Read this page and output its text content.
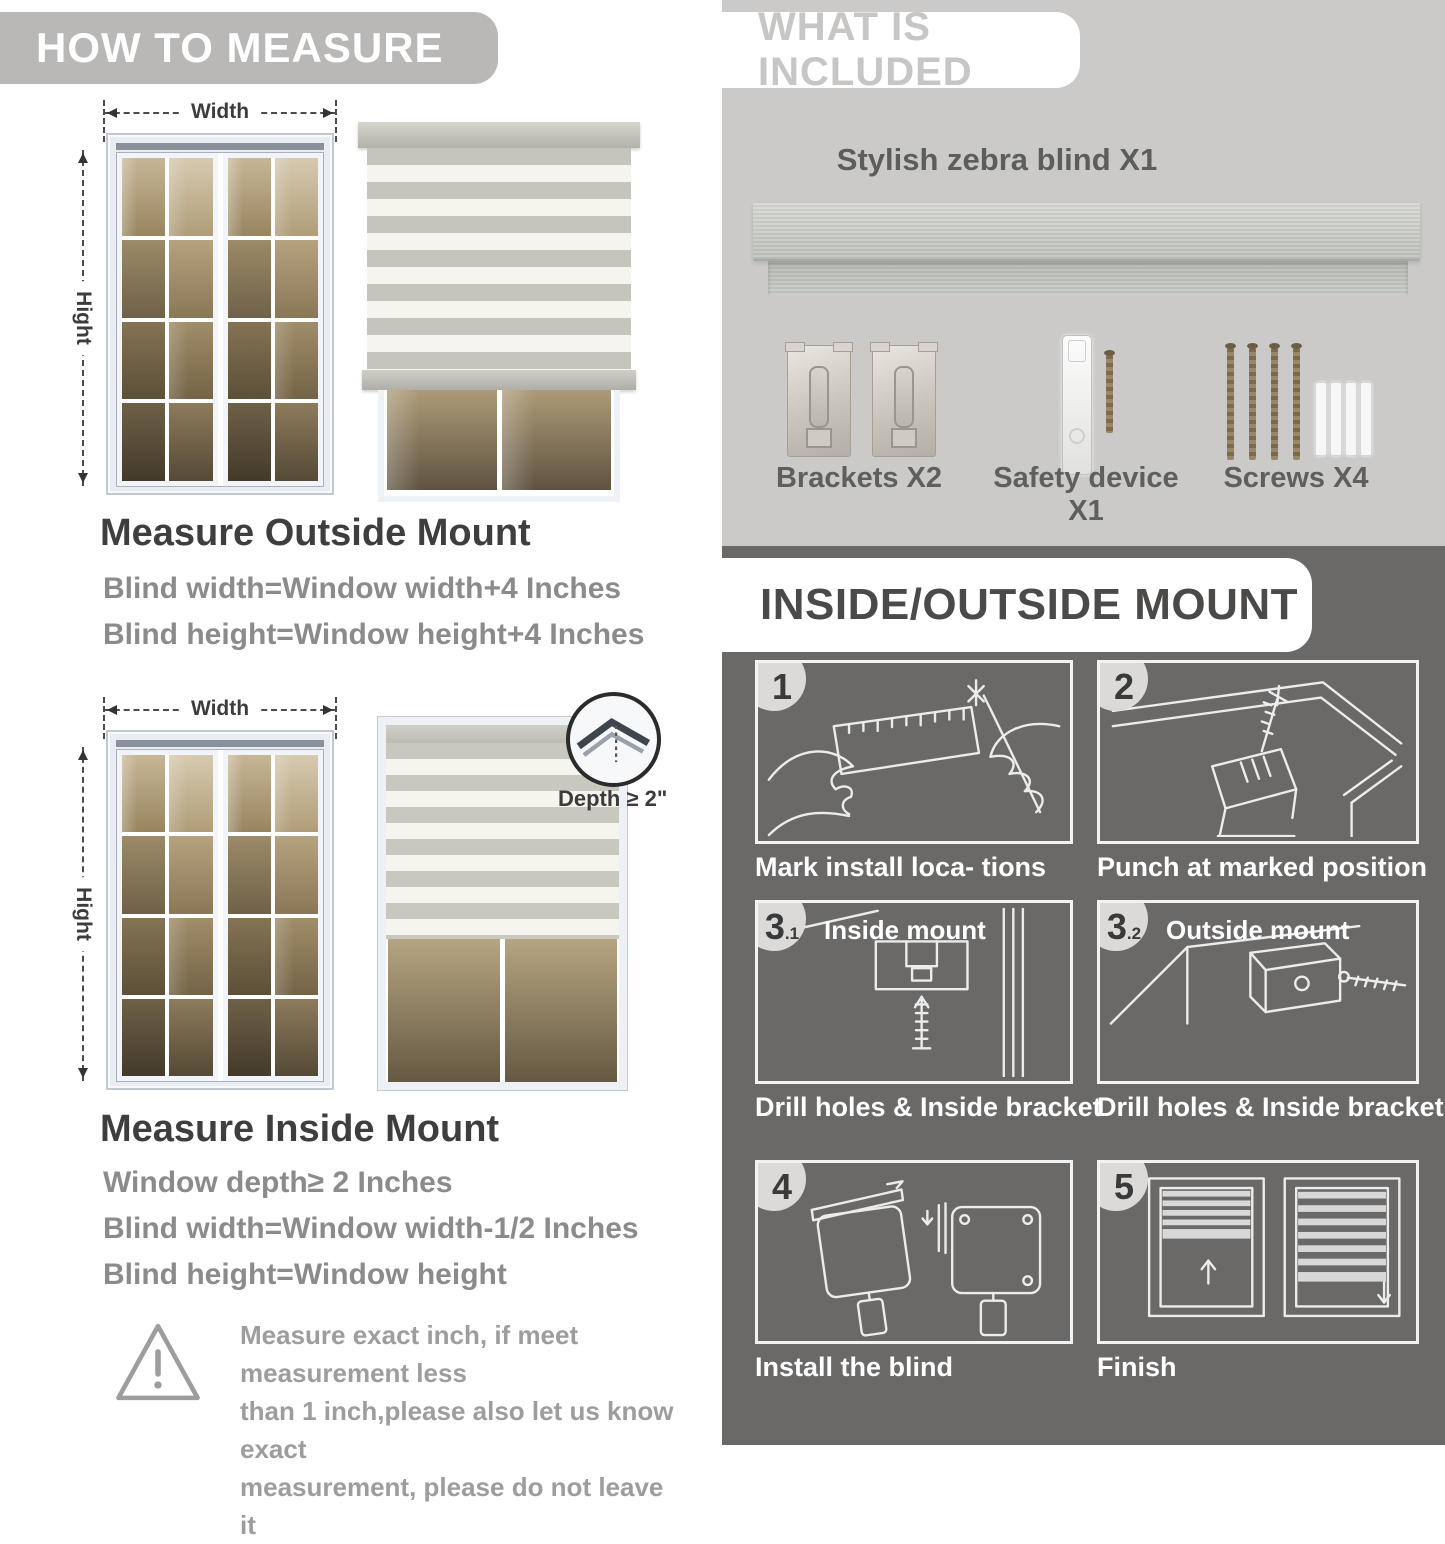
HOW TO MEASURE
Width
Hight
Measure Outside Mount
Blind width=Window width+4 Inches
Blind height=Window height+4 Inches
Width
Hight
Depth ≥ 2"
Measure Inside Mount
Window depth≥ 2 Inches
Blind width=Window width-1/2 Inches
Blind height=Window height
Measure exact inch, if meet measurement less
than 1 inch,please also let us know exact
measurement, please do not leave it
WHAT IS INCLUDED
Stylish zebra blind X1
Brackets X2	Safety device X1
Screws X4
INSIDE/OUTSIDE MOUNT
1
Mark install loca- tions
2
Punch at marked position
3 .1 Inside mount
Drill holes & Inside bracket
3 .2 Outside mount
Drill holes & Inside bracket
4
Install the blind
5
Finish
